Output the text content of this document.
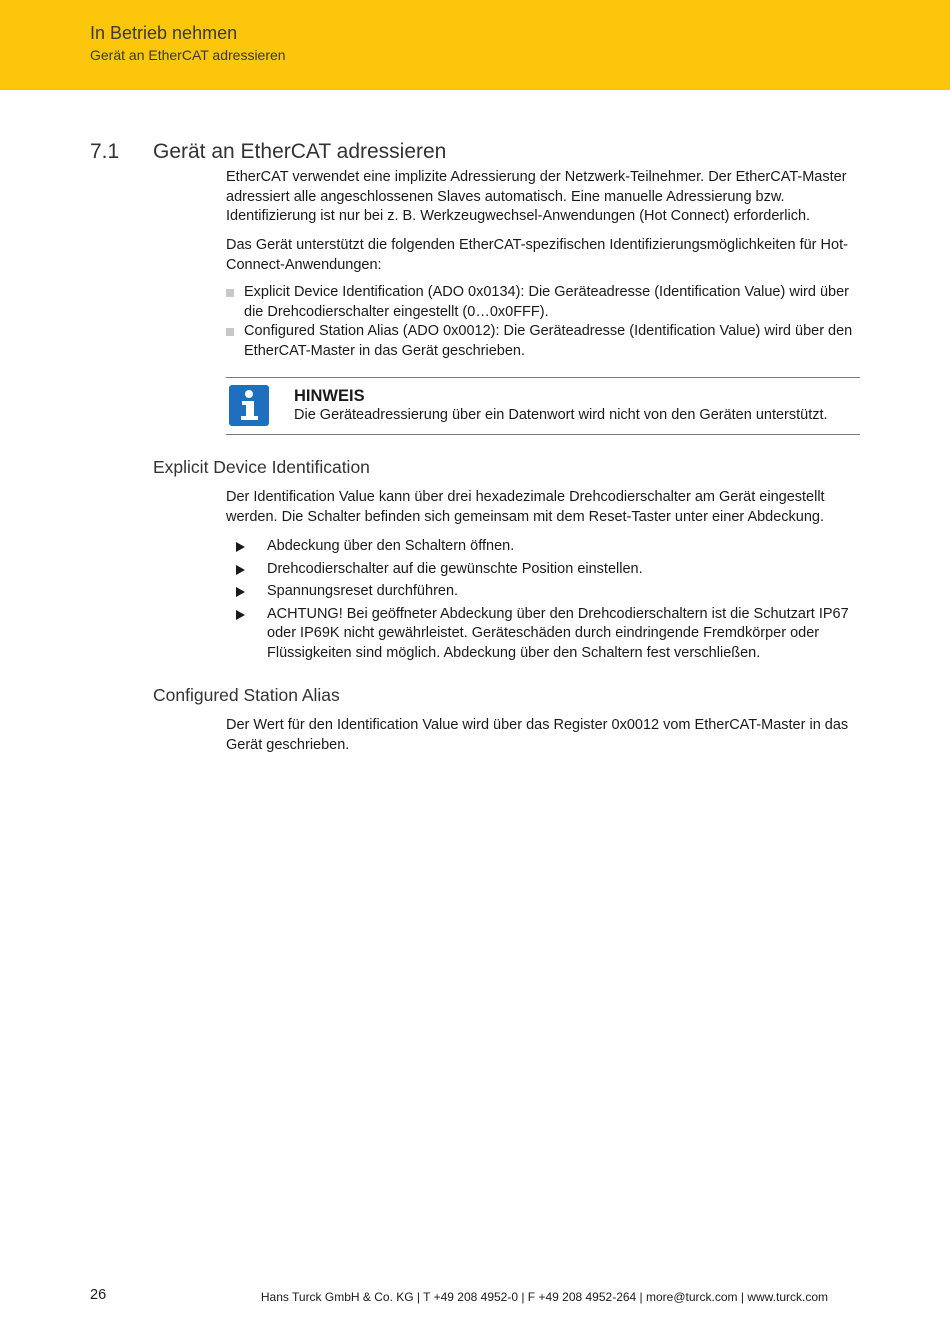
In Betrieb nehmen
Gerät an EtherCAT adressieren
7.1 Gerät an EtherCAT adressieren

EtherCAT verwendet eine implizite Adressierung der Netzwerk-Teilnehmer. Der EtherCAT-Master adressiert alle angeschlossenen Slaves automatisch. Eine manuelle Adressierung bzw. Identifizierung ist nur bei z. B. Werkzeugwechsel-Anwendungen (Hot Connect) erforderlich.

Das Gerät unterstützt die folgenden EtherCAT-spezifischen Identifizierungsmöglichkeiten für Hot-Connect-Anwendungen:

Explicit Device Identification (ADO 0x0134): Die Geräteadresse (Identification Value) wird über die Drehcodierschalter eingestellt (0…0x0FFF).
Configured Station Alias (ADO 0x0012): Die Geräteadresse (Identification Value) wird über den EtherCAT-Master in das Gerät geschrieben.
HINWEIS
Die Geräteadressierung über ein Datenwort wird nicht von den Geräten unterstützt.
Explicit Device Identification

Der Identification Value kann über drei hexadezimale Drehcodierschalter am Gerät eingestellt werden. Die Schalter befinden sich gemeinsam mit dem Reset-Taster unter einer Abdeckung.

Abdeckung über den Schaltern öffnen.
Drehcodierschalter auf die gewünschte Position einstellen.
Spannungsreset durchführen.
ACHTUNG! Bei geöffneter Abdeckung über den Drehcodierschaltern ist die Schutzart IP67 oder IP69K nicht gewährleistet. Geräteschäden durch eindringende Fremdkörper oder Flüssigkeiten sind möglich. Abdeckung über den Schaltern fest verschließen.
Configured Station Alias

Der Wert für den Identification Value wird über das Register 0x0012 vom EtherCAT-Master in das Gerät geschrieben.

26	Hans Turck GmbH & Co. KG | T +49 208 4952-0 | F +49 208 4952-264 | more@turck.com | www.turck.com
